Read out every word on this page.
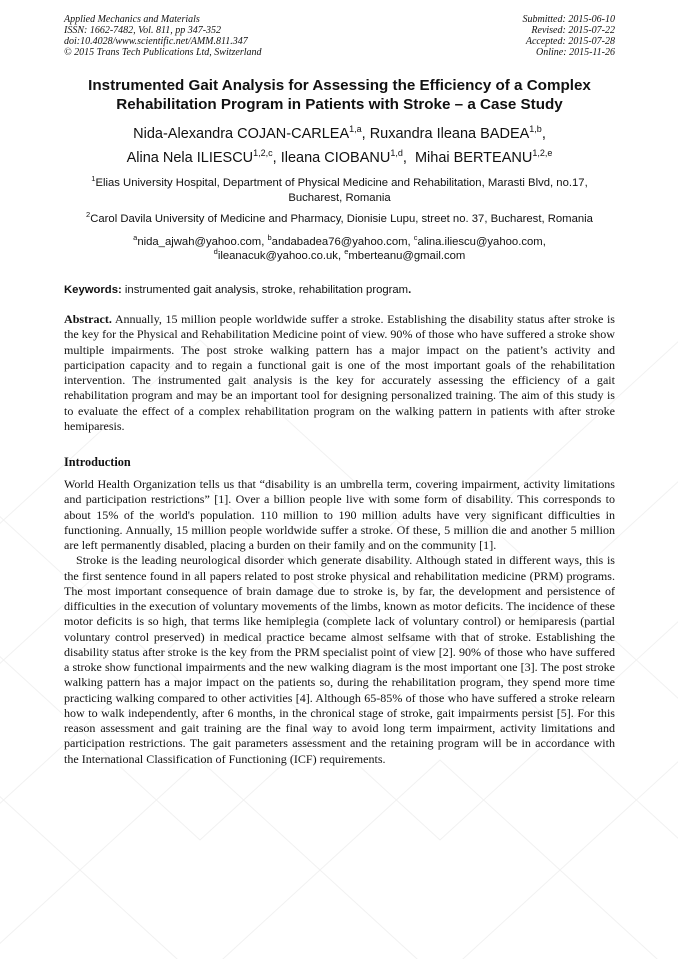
Applied Mechanics and Materials
ISSN: 1662-7482, Vol. 811, pp 347-352
doi:10.4028/www.scientific.net/AMM.811.347
© 2015 Trans Tech Publications Ltd, Switzerland
Submitted: 2015-06-10
Revised: 2015-07-22
Accepted: 2015-07-28
Online: 2015-11-26
Instrumented Gait Analysis for Assessing the Efficiency of a Complex
Rehabilitation Program in Patients with Stroke – a Case Study
Nida-Alexandra COJAN-CARLEA$^{1,a}$, Ruxandra Ileana BADEA$^{1,b}$,
Alina Nela ILIESCU$^{1,2,c}$, Ileana CIOBANU$^{1,d}$,  Mihai BERTEANU$^{1,2,e}$
$^1$Elias University Hospital, Department of Physical Medicine and Rehabilitation, Marasti Blvd, no.17, Bucharest, Romania
$^2$Carol Davila University of Medicine and Pharmacy, Dionisie Lupu, street no. 37, Bucharest, Romania
$^a$nida_ajwah@yahoo.com, $^b$andabadea76@yahoo.com, $^c$alina.iliescu@yahoo.com,
$^d$ileanacuk@yahoo.co.uk, $^e$mberteanu@gmail.com
Keywords: instrumented gait analysis, stroke, rehabilitation program.

Abstract. Annually, 15 million people worldwide suffer a stroke. Establishing the disability status after stroke is the key for the Physical and Rehabilitation Medicine point of view. 90% of those who have suffered a stroke show multiple impairments. The post stroke walking pattern has a major impact on the patient’s activity and participation capacity and to regain a functional gait is one of the most important goals of the rehabilitation intervention. The instrumented gait analysis is the key for accurately assessing the efficiency of a gait rehabilitation program and may be an important tool for designing personalized training. The aim of this study is to evaluate the effect of a complex rehabilitation program on the walking pattern in patients with after stroke hemiparesis.

Introduction

World Health Organization tells us that “disability is an umbrella term, covering impairment, activity limitations and participation restrictions” [1]. Over a billion people live with some form of disability. This corresponds to about 15% of the world's population. 110 million to 190 million adults have very significant difficulties in functioning. Annually, 15 million people worldwide suffer a stroke. Of these, 5 million die and another 5 million are left permanently disabled, placing a burden on their family and on the community [1].

Stroke is the leading neurological disorder which generate disability. Although stated in different ways, this is the first sentence found in all papers related to post stroke physical and rehabilitation medicine (PRM) programs. The most important consequence of brain damage due to stroke is, by far, the development and persistence of difficulties in the execution of voluntary movements of the limbs, known as motor deficits. The incidence of these motor deficits is so high, that terms like hemiplegia (complete lack of voluntary control) or hemiparesis (partial voluntary control preserved) in medical practice became almost selfsame with that of stroke. Establishing the disability status after stroke is the key from the PRM specialist point of view [2]. 90% of those who have suffered a stroke show functional impairments and the new walking diagram is the most important one [3]. The post stroke walking pattern has a major impact on the patients so, during the rehabilitation program, they spend more time practicing walking compared to other activities [4]. Although 65-85% of those who have suffered a stroke relearn how to walk independently, after 6 months, in the chronical stage of stroke, gait impairments persist [5]. For this reason assessment and gait training are the final way to avoid long term impairment, activity limitations and participation restrictions. The gait parameters assessment and the retaining program will be in accordance with the International Classification of Functioning (ICF) requirements.
